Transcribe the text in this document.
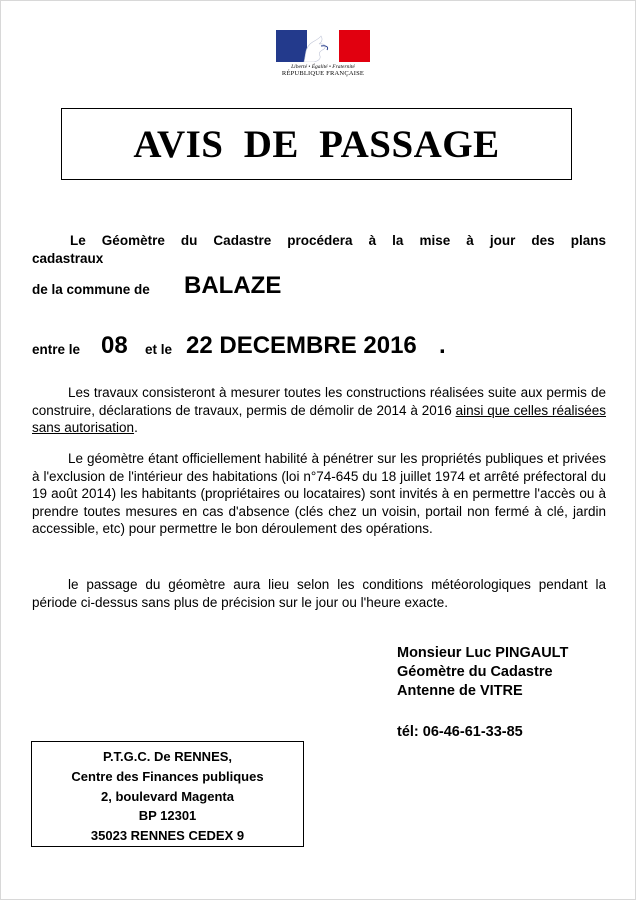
Liberté • Égalité • Fraternité
RÉPUBLIQUE FRANÇAISE
AVIS DE PASSAGE
Le Géomètre du Cadastre procédera à la mise à jour des plans
cadastraux
de la commune de BALAZE
entre le 08 et le 22 DECEMBRE 2016 .
Les travaux consisteront à mesurer toutes les constructions réalisées suite aux permis de construire, déclarations de travaux, permis de démolir de 2014 à 2016 ainsi que celles réalisées sans autorisation.
Le géomètre étant officiellement habilité à pénétrer sur les propriétés publiques et privées à l'exclusion de l'intérieur des habitations (loi n°74-645 du 18 juillet 1974 et arrêté préfectoral du 19 août 2014) les habitants (propriétaires ou locataires) sont invités à en permettre l'accès ou à prendre toutes mesures en cas d'absence (clés chez un voisin, portail non fermé à clé, jardin accessible, etc) pour permettre le bon déroulement des opérations.
le passage du géomètre aura lieu selon les conditions météorologiques pendant la période ci-dessus sans plus de précision sur le jour ou l'heure exacte.
Monsieur Luc PINGAULT
Géomètre du Cadastre
Antenne de VITRE
tél: 06-46-61-33-85
P.T.G.C. De RENNES,
Centre des Finances publiques
2, boulevard Magenta
BP 12301
35023 RENNES CEDEX 9
